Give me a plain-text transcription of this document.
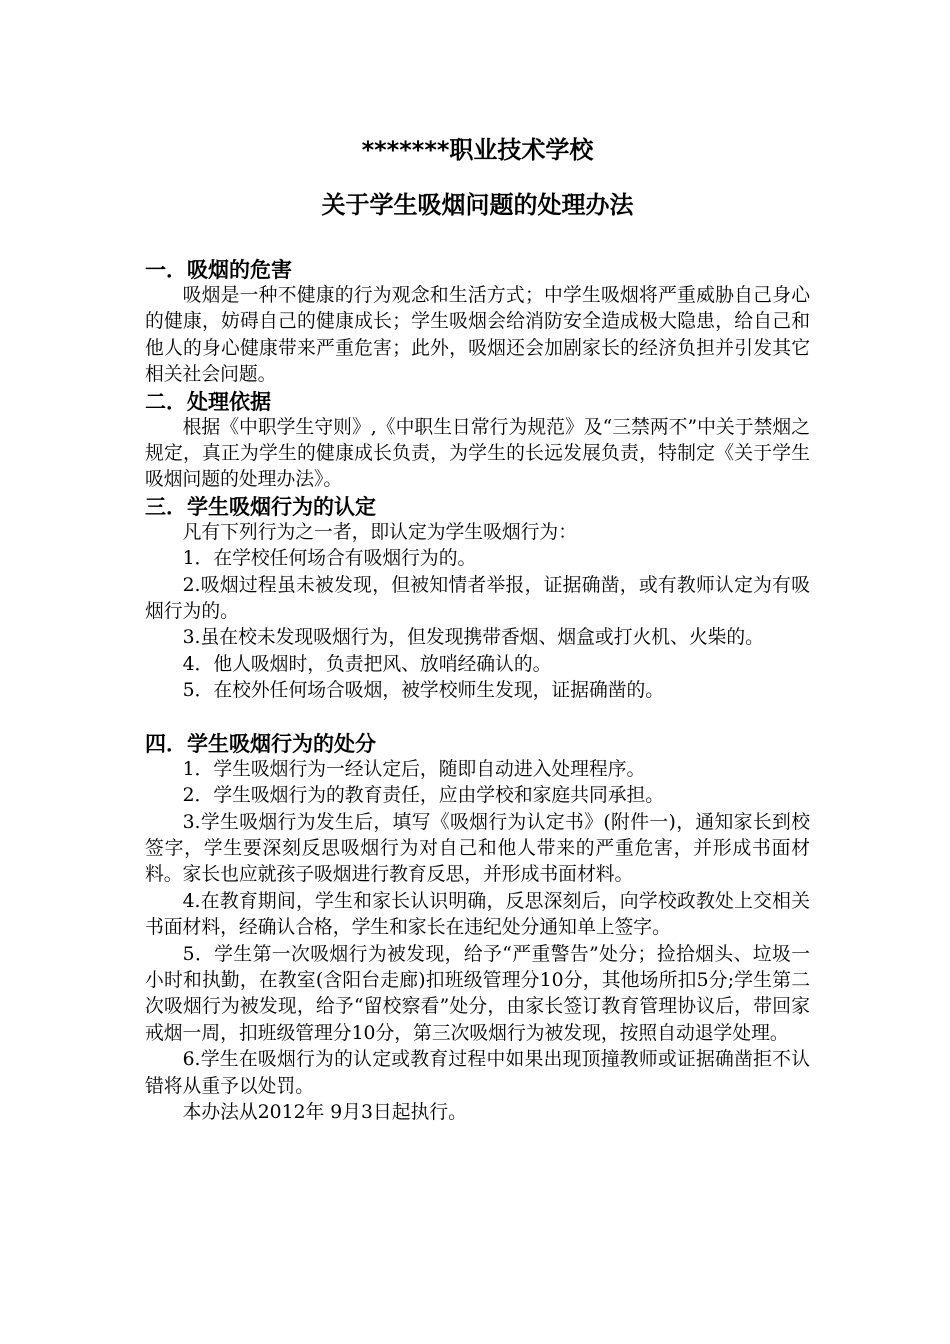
*******职业技术学校
关于学生吸烟问题的处理办法
一．吸烟的危害

吸烟是一种不健康的行为观念和生活方式；中学生吸烟将严重威胁自己身心的健康，妨碍自己的健康成长；学生吸烟会给消防安全造成极大隐患，给自己和他人的身心健康带来严重危害；此外，吸烟还会加剧家长的经济负担并引发其它相关社会问题。

二．处理依据

根据《中职学生守则》,《中职生日常行为规范》及“三禁两不”中关于禁烟之规定，真正为学生的健康成长负责，为学生的长远发展负责，特制定《关于学生吸烟问题的处理办法》。

三．学生吸烟行为的认定

凡有下列行为之一者，即认定为学生吸烟行为：

1．在学校任何场合有吸烟行为的。

2.吸烟过程虽未被发现，但被知情者举报，证据确凿，或有教师认定为有吸烟行为的。

3.虽在校未发现吸烟行为，但发现携带香烟、烟盒或打火机、火柴的。

4．他人吸烟时，负责把风、放哨经确认的。

5．在校外任何场合吸烟，被学校师生发现，证据确凿的。

四．学生吸烟行为的处分

1．学生吸烟行为一经认定后，随即自动进入处理程序。

2．学生吸烟行为的教育责任，应由学校和家庭共同承担。

3.学生吸烟行为发生后，填写《吸烟行为认定书》(附件一)，通知家长到校签字，学生要深刻反思吸烟行为对自己和他人带来的严重危害，并形成书面材料。家长也应就孩子吸烟进行教育反思，并形成书面材料。

4.在教育期间，学生和家长认识明确，反思深刻后，向学校政教处上交相关书面材料，经确认合格，学生和家长在违纪处分通知单上签字。

5．学生第一次吸烟行为被发现，给予“严重警告”处分；捡拾烟头、垃圾一小时和执勤，在教室(含阳台走廊)扣班级管理分10分，其他场所扣5分;学生第二次吸烟行为被发现，给予“留校察看”处分，由家长签订教育管理协议后，带回家戒烟一周，扣班级管理分10分，第三次吸烟行为被发现，按照自动退学处理。

6.学生在吸烟行为的认定或教育过程中如果出现顶撞教师或证据确凿拒不认错将从重予以处罚。

本办法从2012年 9月3日起执行。
